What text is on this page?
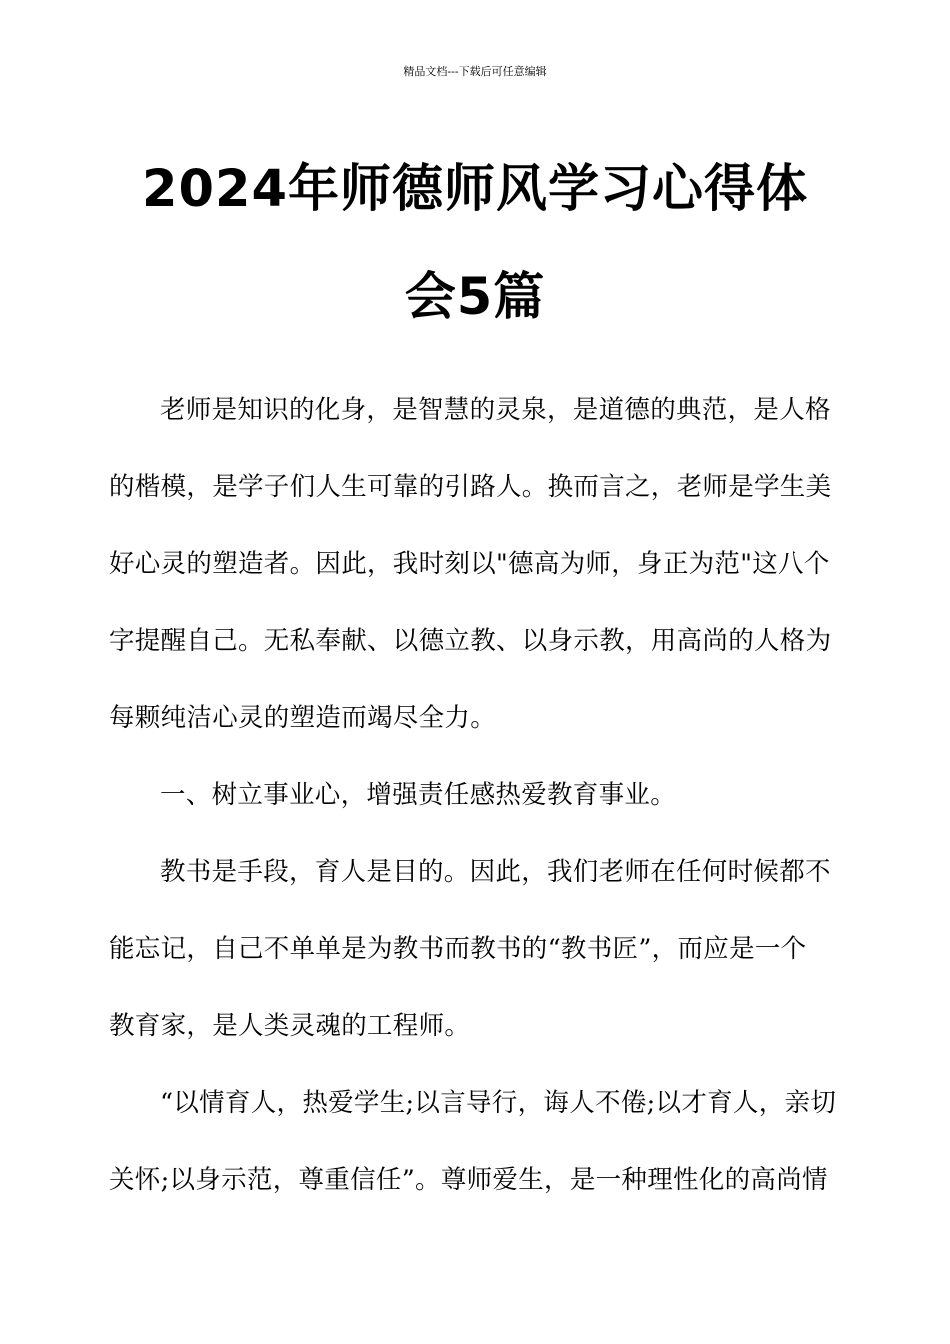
精品文档---下载后可任意编辑
2024年师德师风学习心得体
会5篇
老师是知识的化身，是智慧的灵泉，是道德的典范，是人格
的楷模，是学子们人生可靠的引路人。换而言之，老师是学生美
好心灵的塑造者。因此，我时刻以"德高为师，身正为范"这八个
字提醒自己。无私奉献、以德立教、以身示教，用高尚的人格为
每颗纯洁心灵的塑造而竭尽全力。
一、树立事业心，增强责任感热爱教育事业。
教书是手段，育人是目的。因此，我们老师在任何时候都不
能忘记，自己不单单是为教书而教书的“教书匠”，而应是一个
教育家，是人类灵魂的工程师。
“以情育人，热爱学生;以言导行，诲人不倦;以才育人，亲切
关怀;以身示范，尊重信任”。尊师爱生，是一种理性化的高尚情
